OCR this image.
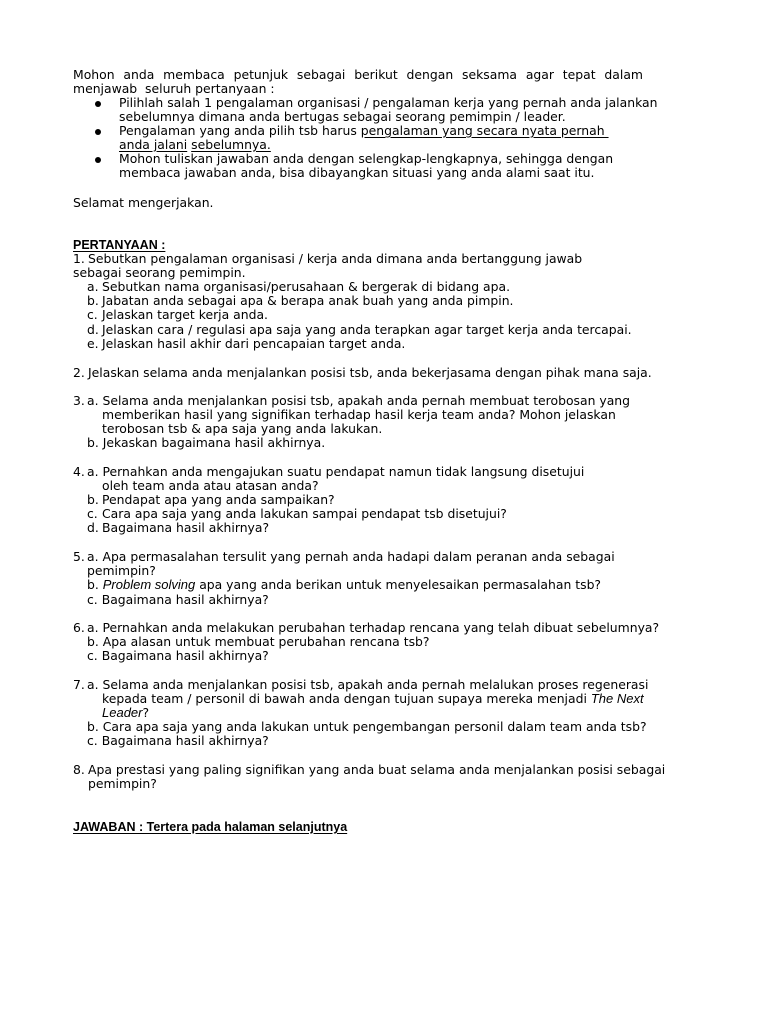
Mohon anda membaca petunjuk sebagai berikut dengan seksama agar tepat dalam
menjawab  seluruh pertanyaan :
Pilihlah salah 1 pengalaman organisasi / pengalaman kerja yang pernah anda jalankan
sebelumnya dimana anda bertugas sebagai seorang pemimpin / leader.
Pengalaman yang anda pilih tsb harus pengalaman yang secara nyata pernah
anda jalani sebelumnya.
Mohon tuliskan jawaban anda dengan selengkap-lengkapnya, sehingga dengan
membaca jawaban anda, bisa dibayangkan situasi yang anda alami saat itu.
Selamat mengerjakan.
PERTANYAAN :
1. Sebutkan pengalaman organisasi / kerja anda dimana anda bertanggung jawab
sebagai seorang pemimpin.
a. Sebutkan nama organisasi/perusahaan & bergerak di bidang apa.
b. Jabatan anda sebagai apa & berapa anak buah yang anda pimpin.
c. Jelaskan target kerja anda.
d. Jelaskan cara / regulasi apa saja yang anda terapkan agar target kerja anda tercapai.
e. Jelaskan hasil akhir dari pencapaian target anda.
2. Jelaskan selama anda menjalankan posisi tsb, anda bekerjasama dengan pihak mana saja.
3. a. Selama anda menjalankan posisi tsb, apakah anda pernah membuat terobosan yang
memberikan hasil yang signifikan terhadap hasil kerja team anda? Mohon jelaskan
terobosan tsb & apa saja yang anda lakukan.
b. Jekaskan bagaimana hasil akhirnya.
4. a. Pernahkan anda mengajukan suatu pendapat namun tidak langsung disetujui
oleh team anda atau atasan anda?
b. Pendapat apa yang anda sampaikan?
c. Cara apa saja yang anda lakukan sampai pendapat tsb disetujui?
d. Bagaimana hasil akhirnya?
5. a. Apa permasalahan tersulit yang pernah anda hadapi dalam peranan anda sebagai
pemimpin?
b. Problem solving apa yang anda berikan untuk menyelesaikan permasalahan tsb?
c. Bagaimana hasil akhirnya?
6. a. Pernahkan anda melakukan perubahan terhadap rencana yang telah dibuat sebelumnya?
b. Apa alasan untuk membuat perubahan rencana tsb?
c. Bagaimana hasil akhirnya?
7. a. Selama anda menjalankan posisi tsb, apakah anda pernah melalukan proses regenerasi
kepada team / personil di bawah anda dengan tujuan supaya mereka menjadi The Next
Leader?
b. Cara apa saja yang anda lakukan untuk pengembangan personil dalam team anda tsb?
c. Bagaimana hasil akhirnya?
8. Apa prestasi yang paling signifikan yang anda buat selama anda menjalankan posisi sebagai
pemimpin?
JAWABAN : Tertera pada halaman selanjutnya
